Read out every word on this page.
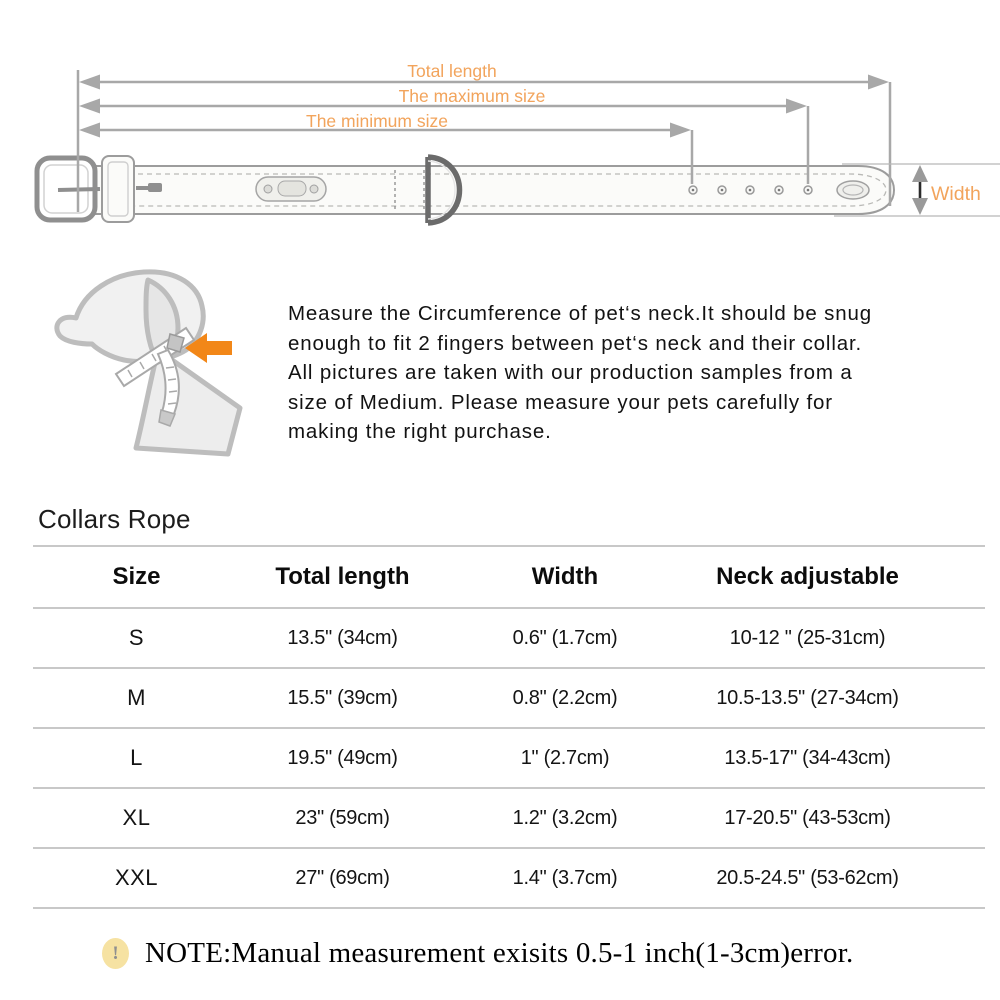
Total length
The maximum size
The minimum size
Width
Measure the Circumference of pet‘s neck.It should be snug
enough to fit 2 fingers between pet‘s neck and their collar.
All pictures are taken with our production samples from a
size of Medium. Please measure your pets carefully for
making the right purchase.
Collars Rope
Size	Total length	Width	Neck adjustable
S	13.5" (34cm)	0.6" (1.7cm)	10-12 " (25-31cm)
M	15.5" (39cm)	0.8" (2.2cm)	10.5-13.5" (27-34cm)
L	19.5" (49cm)	1" (2.7cm)	13.5-17" (34-43cm)
XL	23" (59cm)	1.2" (3.2cm)	17-20.5" (43-53cm)
XXL	27" (69cm)	1.4" (3.7cm)	20.5-24.5" (53-62cm)
! NOTE:Manual measurement exisits 0.5-1 inch(1-3cm)error.
